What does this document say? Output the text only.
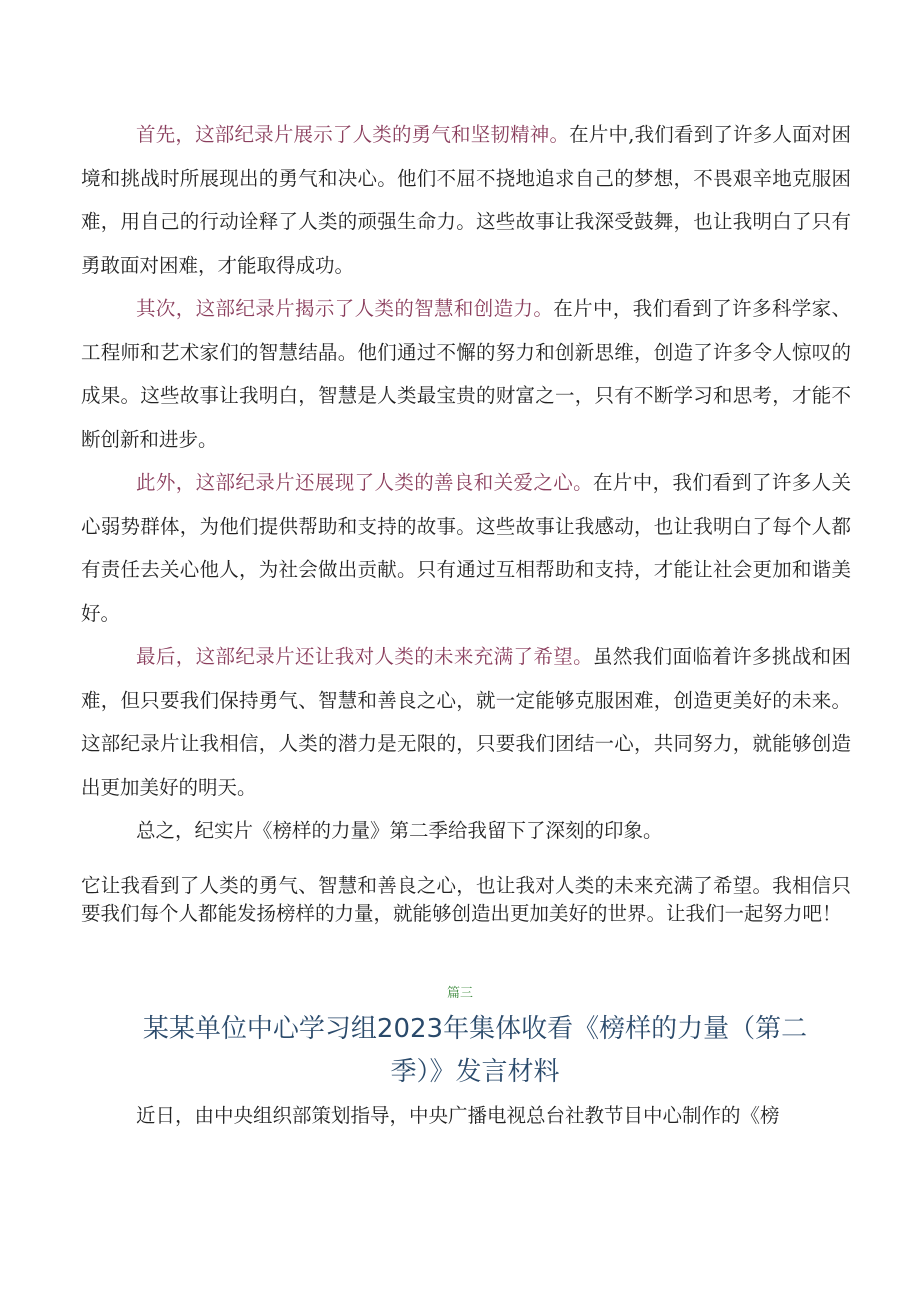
首先，这部纪录片展示了人类的勇气和坚韧精神。在片中,我们看到了许多人面对困境和挑战时所展现出的勇气和决心。他们不屈不挠地追求自己的梦想，不畏艰辛地克服困难，用自己的行动诠释了人类的顽强生命力。这些故事让我深受鼓舞，也让我明白了只有勇敢面对困难，才能取得成功。

其次，这部纪录片揭示了人类的智慧和创造力。在片中，我们看到了许多科学家、工程师和艺术家们的智慧结晶。他们通过不懈的努力和创新思维，创造了许多令人惊叹的成果。这些故事让我明白，智慧是人类最宝贵的财富之一，只有不断学习和思考，才能不断创新和进步。

此外，这部纪录片还展现了人类的善良和关爱之心。在片中，我们看到了许多人关心弱势群体，为他们提供帮助和支持的故事。这些故事让我感动，也让我明白了每个人都有责任去关心他人，为社会做出贡献。只有通过互相帮助和支持，才能让社会更加和谐美好。

最后，这部纪录片还让我对人类的未来充满了希望。虽然我们面临着许多挑战和困难，但只要我们保持勇气、智慧和善良之心，就一定能够克服困难，创造更美好的未来。这部纪录片让我相信，人类的潜力是无限的，只要我们团结一心，共同努力，就能够创造出更加美好的明天。

总之，纪实片《榜样的力量》第二季给我留下了深刻的印象。

它让我看到了人类的勇气、智慧和善良之心，也让我对人类的未来充满了希望。我相信只要我们每个人都能发扬榜样的力量，就能够创造出更加美好的世界。让我们一起努力吧！

篇三
某某单位中心学习组2023年集体收看《榜样的力量（第二季）》发言材料

近日，由中央组织部策划指导，中央广播电视总台社教节目中心制作的《榜
